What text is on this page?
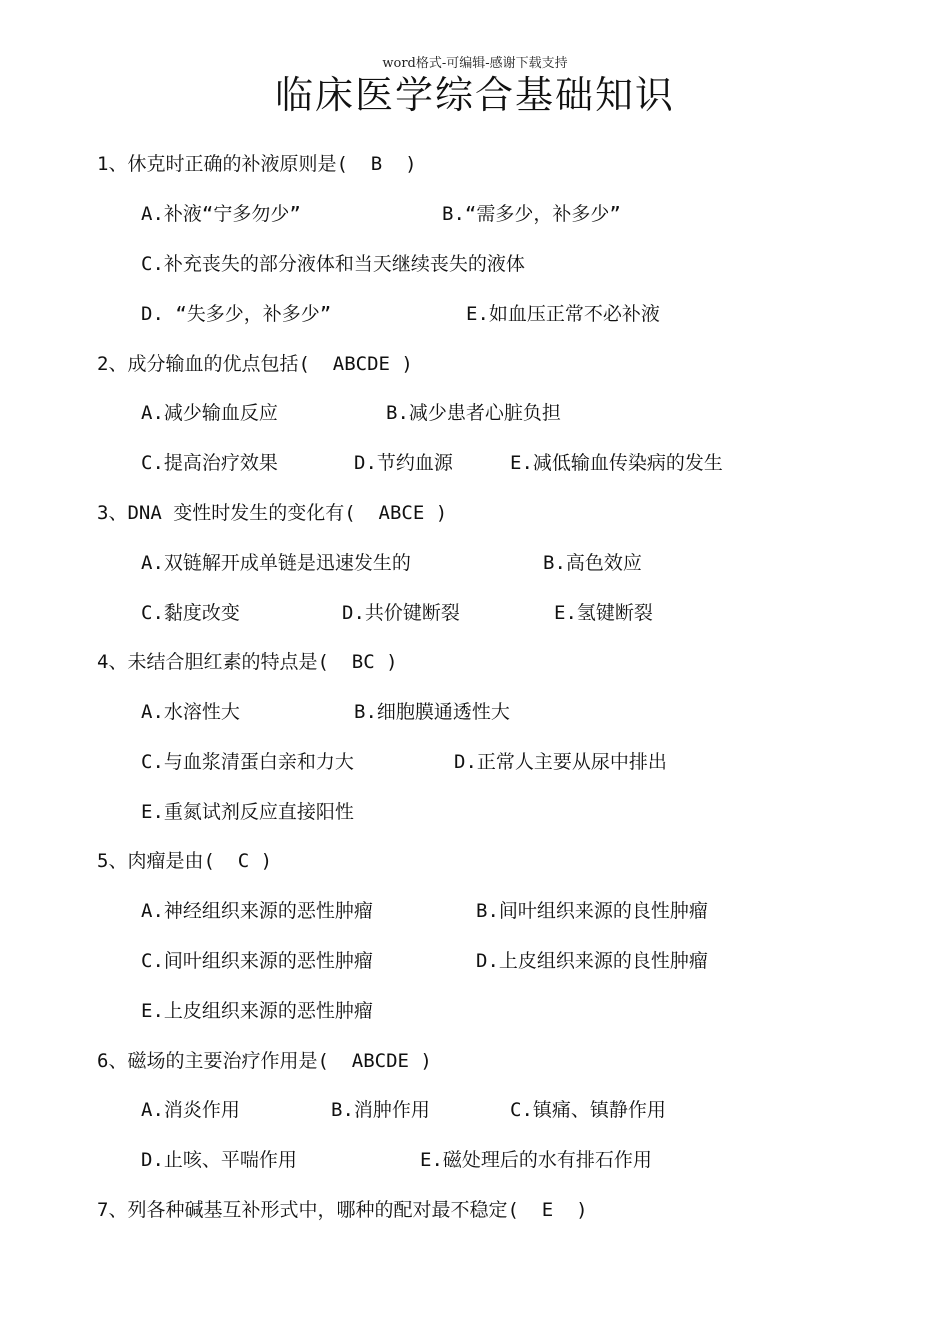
word格式-可编辑-感谢下载支持
临床医学综合基础知识
1、休克时正确的补液原则是(  B  )
A.补液“宁多勿少”	B.“需多少，补多少”
C.补充丧失的部分液体和当天继续丧失的液体
D. “失多少，补多少”	E.如血压正常不必补液
2、成分输血的优点包括(  ABCDE )
A.减少输血反应	B.减少患者心脏负担
C.提高治疗效果	D.节约血源	E.减低输血传染病的发生
3、DNA 变性时发生的变化有(  ABCE )
A.双链解开成单链是迅速发生的	B.高色效应
C.黏度改变	D.共价键断裂	E.氢键断裂
4、未结合胆红素的特点是(  BC )
A.水溶性大	B.细胞膜通透性大
C.与血浆清蛋白亲和力大	D.正常人主要从尿中排出
E.重氮试剂反应直接阳性
5、肉瘤是由(  C )
A.神经组织来源的恶性肿瘤	B.间叶组织来源的良性肿瘤
C.间叶组织来源的恶性肿瘤	D.上皮组织来源的良性肿瘤
E.上皮组织来源的恶性肿瘤
6、磁场的主要治疗作用是(  ABCDE )
A.消炎作用	B.消肿作用	C.镇痛、镇静作用
D.止咳、平喘作用	E.磁处理后的水有排石作用
7、列各种碱基互补形式中，哪种的配对最不稳定(  E  )
